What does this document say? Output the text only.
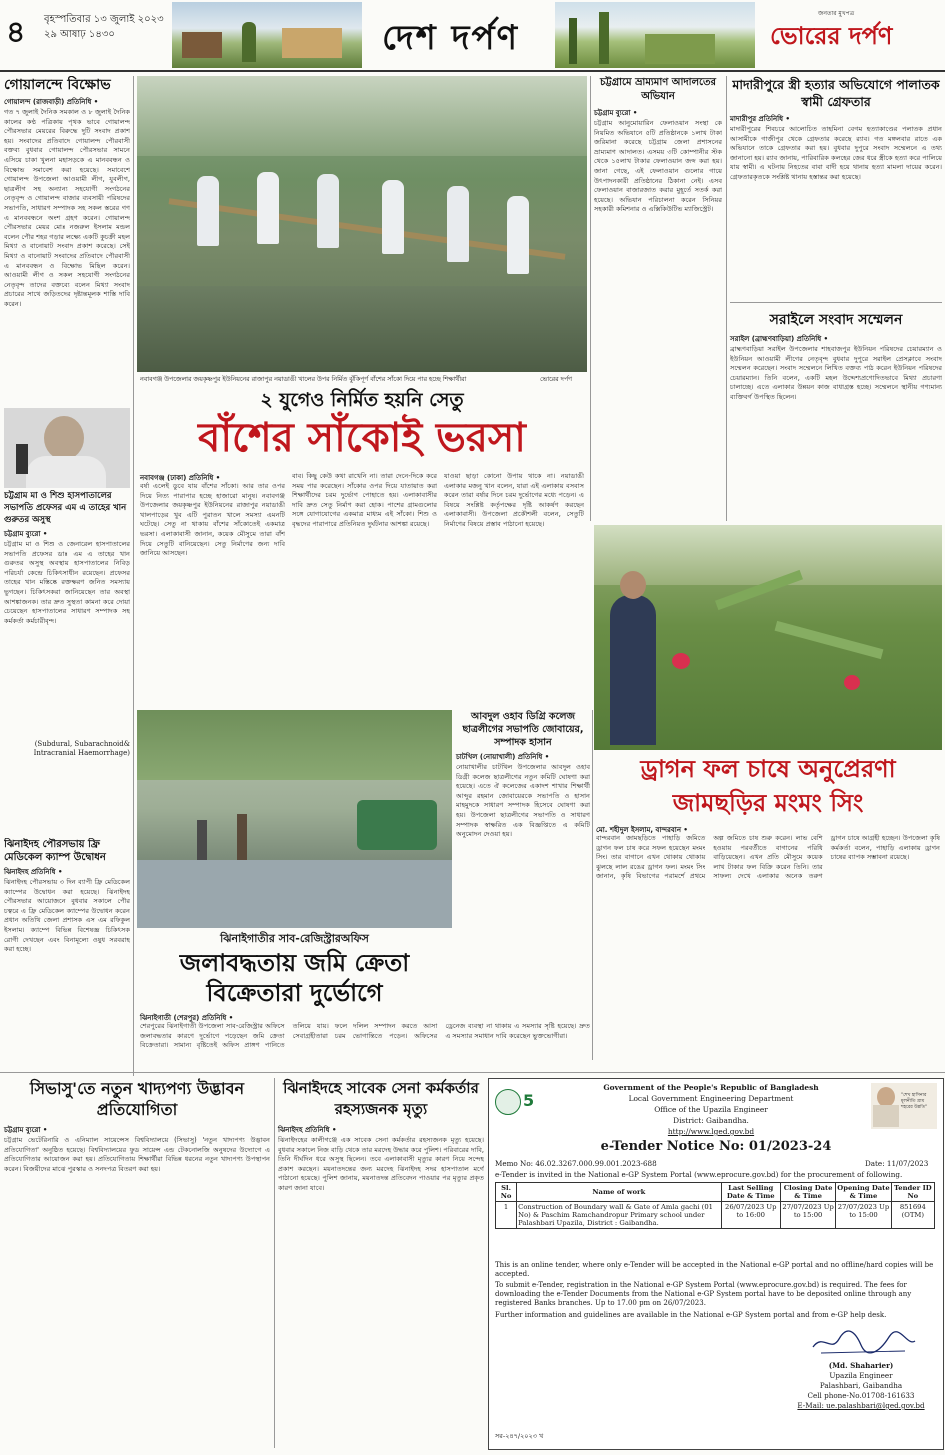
৪ বৃহস্পতিবার ১৩ জুলাই ২০২৩
২৯ আষাঢ় ১৪৩০	দেশ দর্পণ
জনতার মুখপত্র
ভোরের দর্পণ
গোয়ালন্দে বিক্ষোভ
গোয়ালন্দ (রাজবাড়ী) প্রতিনিধি •
গত ৭ জুলাই দৈনিক সমকাল ও ৮ জুলাই দৈনিক কালের কণ্ঠ পত্রিকায় পৃথক ভাবে গোয়ালন্দ পৌরসভার মেয়রের বিরুদ্ধে দুটি সংবাদ প্রকাশ হয়। সংবাদের প্রতিবাদে গোয়ালন্দ পৌরবাসী বক্তব্য বুধবার গোয়ালন্দ পৌরসভার সামনে এসিয়ে চাকা খুলনা মহাসড়কে এ মানববন্ধন ও বিক্ষোভ সমাবেশ করা হয়েছে। সমাবেশে গোয়ালন্দ উপজেলা আওয়ামী লীগ, যুবলীগ, ছাত্রলীগ সহ অন্যান্য সহযোগী সংগঠনের নেতৃবৃন্দ ও গোয়ালন্দ বাজার ব্যবসায়ী পরিষদের সভাপতি, সাধারণ সম্পাদক সহ সকল স্তরের গণ এ মানববন্ধনে অংশ গ্রহণ করেন। গোয়ালন্দ পৌরসভার মেয়র মোঃ নজরুল ইসলাম মন্ডল বলেন পৌর শহর গড়ার লক্ষ্যে একটি কুচক্রী মহল মিথ্যা ও বানোয়াট সংবাদ প্রকাশ করেছে। সেই মিথ্যা ও বানোয়াট সংবাদের প্রতিবাদে পৌরবাসী এ মানববন্ধন ও বিক্ষোভ মিছিল করেন। আওয়ামী লীগ ও সকল সহযোগী সংগঠনের নেতৃবৃন্দ তাদের বক্তব্যে বলেন মিথ্যা সংবাদ প্রচারের সাথে জড়িতদের দৃষ্টান্তমূলক শাস্তি দাবি করেন।
চট্টগ্রাম মা ও শিশু হাসপাতালের সভাপতি প্রফেসর এম এ তাহের খান গুরুতর অসুস্থ
চট্টগ্রাম ব্যুরো •
চট্টগ্রাম মা ও শিশু ও জেনারেল হাসপাতালের সভাপতি প্রফেসর ডাঃ এম এ তাহের খান গুরুতর অসুস্থ অবস্থায় হাসপাতালের নিবিড় পরিচর্যা কেন্দ্রে চিকিৎসাধীন রয়েছেন। প্রফেসর তাহের খান মস্তিষ্কে রক্তক্ষরণ জনিত সমস্যায় ভুগছেন। চিকিৎসকরা জানিয়েছেন তার অবস্থা আশঙ্কাজনক। তার দ্রুত সুস্থতা কামনা করে দোয়া চেয়েছেন হাসপাতালের সাধারণ সম্পাদক সহ কর্মকর্তা কর্মচারীবৃন্দ।
(Subdural, Subarachnoid& Intracranial Haemorrhage)
ঝিনাইদহ পৌরসভায় ফ্রি মেডিকেল ক্যাম্প উদ্বোধন
ঝিনাইদহ প্রতিনিধি •
ঝিনাইদহ পৌরসভায় ৩ দিন ব্যাপী ফ্রি মেডিকেল ক্যাম্পের উদ্বোধন করা হয়েছে। ঝিনাইদহ পৌরসভার আয়োজনে বুধবার সকালে পৌর চত্বরে এ ফ্রি মেডিকেল ক্যাম্পের উদ্বোধন করেন প্রধান অতিথি জেলা প্রশাসক এস এম রফিকুল ইসলাম। ক্যাম্পে বিভিন্ন বিশেষজ্ঞ চিকিৎসক রোগী দেখছেন এবং বিনামূল্যে ওষুধ সরবরাহ করা হচ্ছে।
নবাবগঞ্জ উপজেলার জয়কৃষ্ণপুর ইউনিয়নের রাজাপুর নয়াডাঙী খালের উপর নির্মিত ঝুঁকিপূর্ণ বাঁশের সাঁকো দিয়ে পার হচ্ছে শিক্ষার্থীরা	ভোরের দর্পণ
২ যুগেও নির্মিত হয়নি সেতু
বাঁশের সাঁকোই ভরসা
নবাবগঞ্জ (ঢাকা) প্রতিনিধি •
বর্ষা এলেই ডুবে যায় বাঁশের সাঁকো। আর তার ওপর দিয়ে নিত্য পারাপার হচ্ছে হাজারো মানুষ। নবাবগঞ্জ উপজেলার জয়কৃষ্ণপুর ইউনিয়নের রাজাপুর নয়াডাঙী খালপাড়ের খুব এটি পুরাতন খালে সমস্যা এমনটি ঘটেছে। সেতু না থাকায় বাঁশের সাঁকোতেই একমাত্র ভরসা। এলাকাবাসী জানান, কয়েক মৌসুমে তারা বাঁশ দিয়ে সেতুটি বানিয়েছেন। সেতু নির্মাণের জন্য দাবি জানিয়ে আসছেন।
বাব। কিছু কেউ কথা রাখেনি না। তারা দেনে-দিকে করে সময় পার করেছেন। সাঁকোর ওপর দিয়ে যাতায়াত করা শিক্ষার্থীদের চরম দুর্ভোগ পোহাতে হয়। এলাকাবাসীর দাবি দ্রুত সেতু নির্মাণ করা হোক। পাশের গ্রামগুলোর সঙ্গে যোগাযোগের একমাত্র মাধ্যম এই সাঁকো। শিশু ও বৃদ্ধদের পারাপারে প্রতিনিয়ত দুর্ঘটনার আশঙ্কা রয়েছে।
যাওয়া ছাড়া কোনো উপায় থাকে না। নয়াডাঙী এলাকার মজনু খান বলেন, যারা এই এলাকায় বসবাস করেন তারা বর্ষার দিনে চরম দুর্ভোগের মধ্যে পড়েন। এ বিষয়ে সংশ্লিষ্ট কর্তৃপক্ষের দৃষ্টি আকর্ষণ করছেন এলাকাবাসী। উপজেলা প্রকৌশলী বলেন, সেতুটি নির্মাণের বিষয়ে প্রস্তাব পাঠানো হয়েছে।
চট্টগ্রামে ভ্রাম্যমাণ আদালতের অভিযান
চট্টগ্রাম ব্যুরো •
চট্টগ্রাম আনুমোয়ারিন ফেলাওয়ান সংস্থা কে নিয়মিত অভিযানে ৫টি প্রতিষ্ঠানকে ১লাখ টাকা জরিমানা করেছে চট্টগ্রাম জেলা প্রশাসনের ভ্রাম্যমাণ আদালত। এসময় ৩টি কোম্পানীর স্টক থেকে ১৫লাখ টাকার ফেলাওয়ান জব্দ করা হয়। জানা গেছে, এই ফেলাওয়ান গুলোর গায়ে উৎপাদনকারী প্রতিষ্ঠানের ঠিকানা নেই। এসব ফেলাওয়ান বাজারজাত করার মুহূর্তে সতর্ক করা হয়েছে। অভিযান পরিচালনা করেন সিনিয়র সহকারী কমিশনার ও এক্সিকিউটিভ ম্যাজিস্ট্রেট।
মাদারীপুরে স্ত্রী হত্যার অভিযোগে পালাতক স্বামী গ্রেফতার
মাদারীপুর প্রতিনিধি •
মাদারীপুরের শিবচরে আলোচিত তাহমিনা বেগম হত্যাকাণ্ডের পলাতক প্রধান আসামীকে গাজীপুর থেকে গ্রেফতার করেছে র‍্যাব। গত মঙ্গলবার রাতে এক অভিযানে তাকে গ্রেফতার করা হয়। বুধবার দুপুরে সংবাদ সম্মেলনে এ তথ্য জানানো হয়। র‍্যাব জানায়, পারিবারিক কলহের জের ধরে স্ত্রীকে হত্যা করে পালিয়ে যায় স্বামী। এ ঘটনায় নিহতের বাবা বাদী হয়ে থানায় হত্যা মামলা দায়ের করেন। গ্রেফতারকৃতকে সংশ্লিষ্ট থানায় হস্তান্তর করা হয়েছে।
সরাইলে সংবাদ সম্মেলন
সরাইল (ব্রাহ্মণবাড়িয়া) প্রতিনিধি •
ব্রাহ্মণবাড়িয়া সরাইল উপজেলার শাহবাজপুর ইউনিয়ন পরিষদের চেয়ারম্যান ও ইউনিয়ন আওয়ামী লীগের নেতৃবৃন্দ বুধবার দুপুরে সরাইল প্রেসক্লাবে সংবাদ সম্মেলন করেছেন। সংবাদ সম্মেলনে লিখিত বক্তব্য পাঠ করেন ইউনিয়ন পরিষদের চেয়ারম্যান। তিনি বলেন, একটি মহল উদ্দেশ্যপ্রণোদিতভাবে মিথ্যা প্রচারণা চালাচ্ছে। এতে এলাকার উন্নয়ন কাজ বাধাগ্রস্ত হচ্ছে। সম্মেলনে স্থানীয় গণ্যমান্য ব্যক্তিবর্গ উপস্থিত ছিলেন।
ড্রাগন ফল চাষে অনুপ্রেরণা জামছড়ির মংমং সিং
মো. শহীদুল ইসলাম, বান্দরবান •
বান্দরবান জামছড়িতে পাহাড়ি জমিতে ড্রাগন ফল চাষ করে সফল হয়েছেন মংমং সিং। তার বাগানে এখন থোকায় থোকায় ঝুলছে লাল রঙের ড্রাগন ফল। মংমং সিং জানান, কৃষি বিভাগের পরামর্শে প্রথমে অল্প জমিতে চাষ শুরু করেন। লাভ বেশি হওয়ায় পরবর্তীতে বাগানের পরিধি বাড়িয়েছেন। এখন প্রতি মৌসুমে কয়েক লাখ টাকার ফল বিক্রি করেন তিনি। তার সাফল্য দেখে এলাকার অনেক তরুণ ড্রাগন চাষে আগ্রহী হচ্ছেন। উপজেলা কৃষি কর্মকর্তা বলেন, পাহাড়ি এলাকায় ড্রাগন চাষের ব্যাপক সম্ভাবনা রয়েছে।
আবদুল ওহাব ডিগ্রি কলেজ ছাত্রলীগের সভাপতি জোবায়ের, সম্পাদক হাসান
চাটখিল (নোয়াখালী) প্রতিনিধি •
নোয়াখালীর চাটখিল উপজেলার আবদুল ওহাব ডিগ্রী কলেজ ছাত্রলীগের নতুন কমিটি ঘোষণা করা হয়েছে। এতে ঐ কলেজের একাদশ শাখার শিক্ষার্থী আব্দুর রহমান জোবায়েরকে সভাপতি ও হাসান মাহমুদকে সাধারণ সম্পাদক হিসেবে ঘোষণা করা হয়। উপজেলা ছাত্রলীগের সভাপতি ও সাধারণ সম্পাদক স্বাক্ষরিত এক বিজ্ঞপ্তিতে এ কমিটি অনুমোদন দেওয়া হয়।
ঝিনাইগাতীর সাব-রেজিস্ট্রারঅফিস
জলাবদ্ধতায় জমি ক্রেতা বিক্রেতারা দুর্ভোগে
ঝিনাইগাতী (শেরপুর) প্রতিনিধি •
শেরপুরের ঝিনাইগাতী উপজেলা সাব-রেজিস্ট্রার অফিসে জলাবদ্ধতার কারণে দুর্ভোগে পড়েছেন জমি ক্রেতা বিক্রেতারা। সামান্য বৃষ্টিতেই অফিস প্রাঙ্গণ পানিতে তলিয়ে যায়। ফলে দলিল সম্পাদন করতে আসা সেবাগ্রহীতারা চরম ভোগান্তিতে পড়েন। অফিসের ড্রেনেজ ব্যবস্থা না থাকায় এ সমস্যার সৃষ্টি হয়েছে। দ্রুত এ সমস্যার সমাধান দাবি করেছেন ভুক্তভোগীরা।
সিভাসু'তে নতুন খাদ্যপণ্য উদ্ভাবন প্রতিযোগিতা
চট্টগ্রাম ব্যুরো •
চট্টগ্রাম ভেটেরিনারি ও এনিম্যাল সায়েন্সেস বিশ্ববিদ্যালয়ে (সিভাসু) 'নতুন খাদ্যপণ্য উদ্ভাবন প্রতিযোগিতা' অনুষ্ঠিত হয়েছে। বিশ্ববিদ্যালয়ের ফুড সায়েন্স এন্ড টেকনোলজি অনুষদের উদ্যোগে এ প্রতিযোগিতার আয়োজন করা হয়। প্রতিযোগিতায় শিক্ষার্থীরা বিভিন্ন ধরনের নতুন খাদ্যপণ্য উপস্থাপন করেন। বিজয়ীদের মাঝে পুরস্কার ও সনদপত্র বিতরণ করা হয়।
ঝিনাইদহে সাবেক সেনা কর্মকর্তার রহস্যজনক মৃত্যু
ঝিনাইদহ প্রতিনিধি •
ঝিনাইদহের কালীগঞ্জে এক সাবেক সেনা কর্মকর্তার রহস্যজনক মৃত্যু হয়েছে। বুধবার সকালে নিজ বাড়ি থেকে তার মরদেহ উদ্ধার করে পুলিশ। পরিবারের দাবি, তিনি দীর্ঘদিন ধরে অসুস্থ ছিলেন। তবে এলাকাবাসী মৃত্যুর কারণ নিয়ে সন্দেহ প্রকাশ করছেন। ময়নাতদন্তের জন্য মরদেহ ঝিনাইদহ সদর হাসপাতাল মর্গে পাঠানো হয়েছে। পুলিশ জানায়, ময়নাতদন্ত প্রতিবেদন পাওয়ার পর মৃত্যুর প্রকৃত কারণ জানা যাবে।
5
Government of the People's Republic of Bangladesh
Local Government Engineering Department
Office of the Upazila Engineer
District: Gaibandha.
http://www.lged.gov.bd
"শেখ হাসিনার মূলনীতি গ্রাম শহরের উন্নতি"
e-Tender Notice No: 01/2023-24
Memo No: 46.02.3267.000.99.001.2023-688	Date: 11/07/2023
e-Tender is invited in the National e-GP System Portal (www.eprocure.gov.bd) for the procurement of following.
Sl. No	Name of work	Last Selling Date & Time	Closing Date & Time	Opening Date & Time	Tender ID No
1	Construction of Boundary wall & Gate of Amla gachi (01 No) & Paschim Ramchandropur Primary school under Palashbari Upazila, District : Gaibandha.	26/07/2023 Up to 16:00	27/07/2023 Up to 15:00	27/07/2023 Up to 15:00	851694 (OTM)
This is an online tender, where only e-Tender will be accepted in the National e-GP portal and no offline/hard copies will be accepted.
To submit e-Tender, registration in the National e-GP System Portal (www.eprocure.gov.bd) is required. The fees for downloading the e-Tender Documents from the National e-GP System portal have to be deposited online through any registered Banks branches. Up to 17.00 pm on 26/07/2023.
Further information and guidelines are available in the National e-GP System portal and from e-GP help desk.
(Md. Shaharier)
Upazila Engineer
Palashbari, Gaibandha
Cell phone-No.01708-161633
E-Mail: ue.palashbari@lged.gov.bd
সর-২৪৭/২০২৩ খ
